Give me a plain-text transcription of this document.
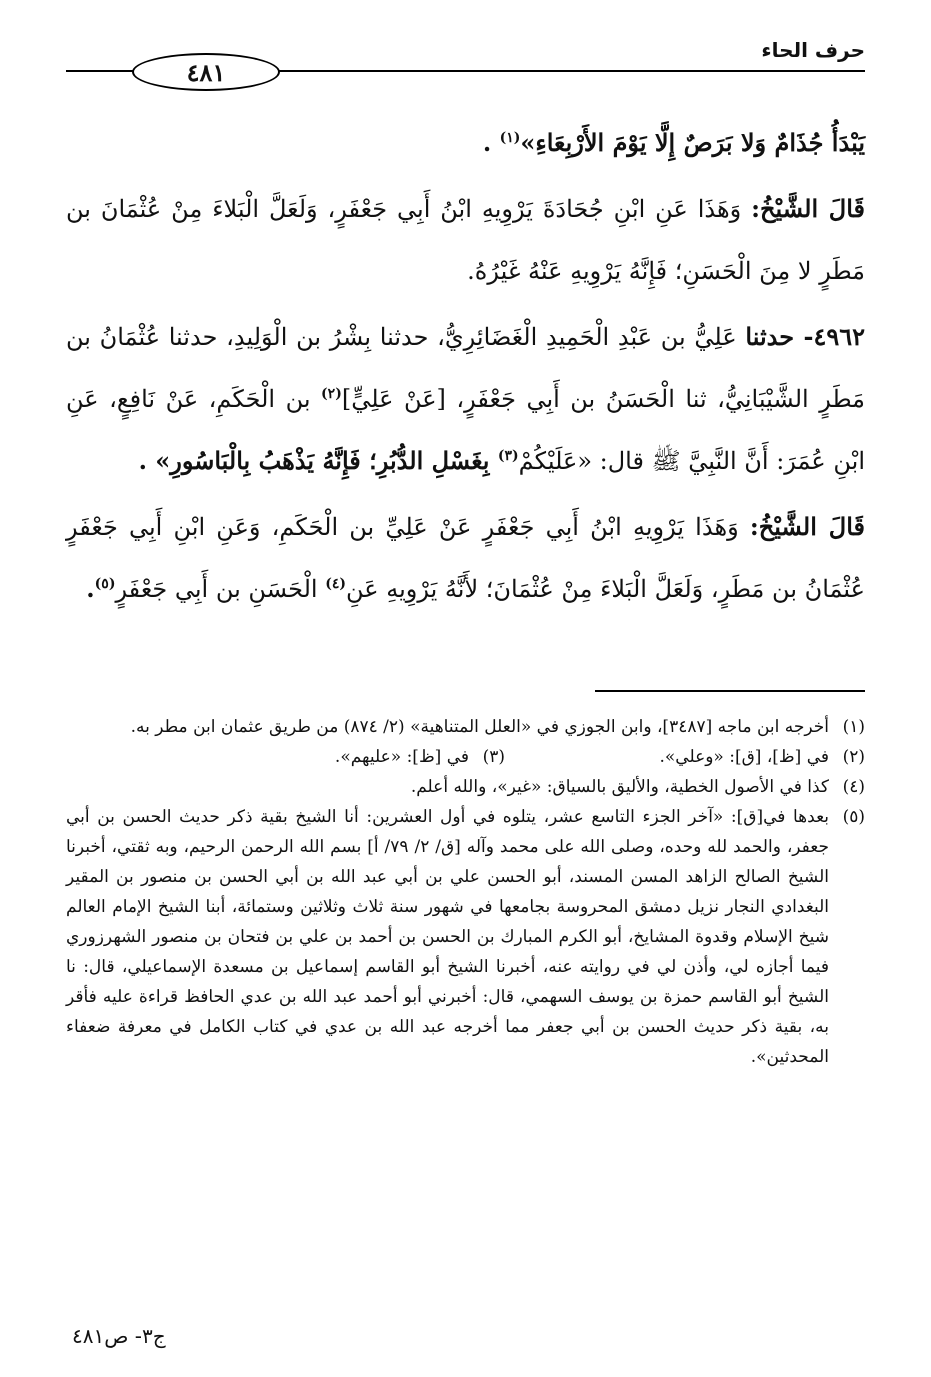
حرف الحاء
٤٨١

يَبْدَأُ جُذَامٌ وَلا بَرَصٌ إِلَّا يَوْمَ الأَرْبِعَاءِ»$^{(١)}$ .

قَالَ الشَّيْخُ: وَهَذَا عَنِ ابْنِ جُحَادَةَ يَرْوِيهِ ابْنُ أَبِي جَعْفَرٍ، وَلَعَلَّ الْبَلاءَ مِنْ عُثْمَانَ بن مَطَرٍ لا مِنَ الْحَسَنِ؛ فَإِنَّهُ يَرْوِيهِ عَنْهُ غَيْرُهُ.

٤٩٦٢- حدثنا عَلِيُّ بن عَبْدِ الْحَمِيدِ الْغَضَائِرِيُّ، حدثنا بِشْرُ بن الْوَلِيدِ، حدثنا عُثْمَانُ بن مَطَرٍ الشَّيْبَانِيُّ، ثنا الْحَسَنُ بن أَبِي جَعْفَرٍ، [عَنْ عَلِيٍّ]$^{(٢)}$ بن الْحَكَمِ، عَنْ نَافِعٍ، عَنِ ابْنِ عُمَرَ: أَنَّ النَّبِيَّ ﷺ قال: «عَلَيْكُمْ$^{(٣)}$ بِغَسْلِ الدُّبُرِ؛ فَإِنَّهُ يَذْهَبُ بِالْبَاسُورِ» .

قَالَ الشَّيْخُ: وَهَذَا يَرْوِيهِ ابْنُ أَبِي جَعْفَرٍ عَنْ عَلِيِّ بن الْحَكَمِ، وَعَنِ ابْنِ أَبِي جَعْفَرٍ عُثْمَانُ بن مَطَرٍ، وَلَعَلَّ الْبَلاءَ مِنْ عُثْمَانَ؛ لأَنَّهُ يَرْوِيهِ عَنِ$^{(٤)}$ الْحَسَنِ بن أَبِي جَعْفَرٍ$^{(٥)}$.

(١)
أخرجه ابن ماجه [٣٤٨٧]، وابن الجوزي في «العلل المتناهية» (٢/ ٨٧٤) من طريق عثمان ابن مطر به.
(٢)
في [ظ]، [ق]: «وعلي».
(٣)
في [ظ]: «عليهم».
(٤)
كذا في الأصول الخطية، والأليق بالسياق: «غير»، والله أعلم.
(٥)
بعدها في[ق]: «آخر الجزء التاسع عشر، يتلوه في أول العشرين: أنا الشيخ بقية ذكر حديث الحسن بن أبي جعفر، والحمد لله وحده، وصلى الله على محمد وآله [ق/ ٢/ ٧٩/ أ] بسم الله الرحمن الرحيم، وبه ثقتي، أخبرنا الشيخ الصالح الزاهد المسن المسند، أبو الحسن علي بن أبي عبد الله بن أبي الحسن بن منصور بن المقير البغدادي النجار نزيل دمشق المحروسة بجامعها في شهور سنة ثلاث وثلاثين وستمائة، أبنا الشيخ الإمام العالم شيخ الإسلام وقدوة المشايخ، أبو الكرم المبارك بن الحسن بن أحمد بن علي بن فتحان بن منصور الشهرزوري فيما أجازه لي، وأذن لي في روايته عنه، أخبرنا الشيخ أبو القاسم إسماعيل بن مسعدة الإسماعيلي، قال: نا الشيخ أبو القاسم حمزة بن يوسف السهمي، قال: أخبرني أبو أحمد عبد الله بن عدي الحافظ قراءة عليه فأقر به، بقية ذكر حديث الحسن بن أبي جعفر مما أخرجه عبد الله بن عدي في كتاب الكامل في معرفة ضعفاء المحدثين».
ج٣- ص٤٨١
